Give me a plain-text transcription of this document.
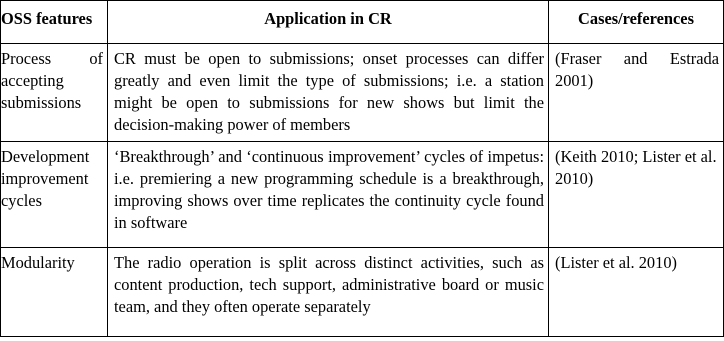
OSS features	Application in CR	Cases/references
Process of accepting submissions	CR must be open to submissions; onset processes can differ greatly and even limit the type of submissions; i.e. a station might be open to submissions for new shows but limit the decision-making power of members	(Fraser and Estrada 2001)
Development improvement cycles	‘Breakthrough’ and ‘continuous improvement’ cycles of impetus: i.e. premiering a new programming schedule is a breakthrough, improving shows over time replicates the continuity cycle found in software	(Keith 2010; Lister et al. 2010)
Modularity	The radio operation is split across distinct activities, such as content production, tech support, administrative board or music team, and they often operate separately	(Lister et al. 2010)
